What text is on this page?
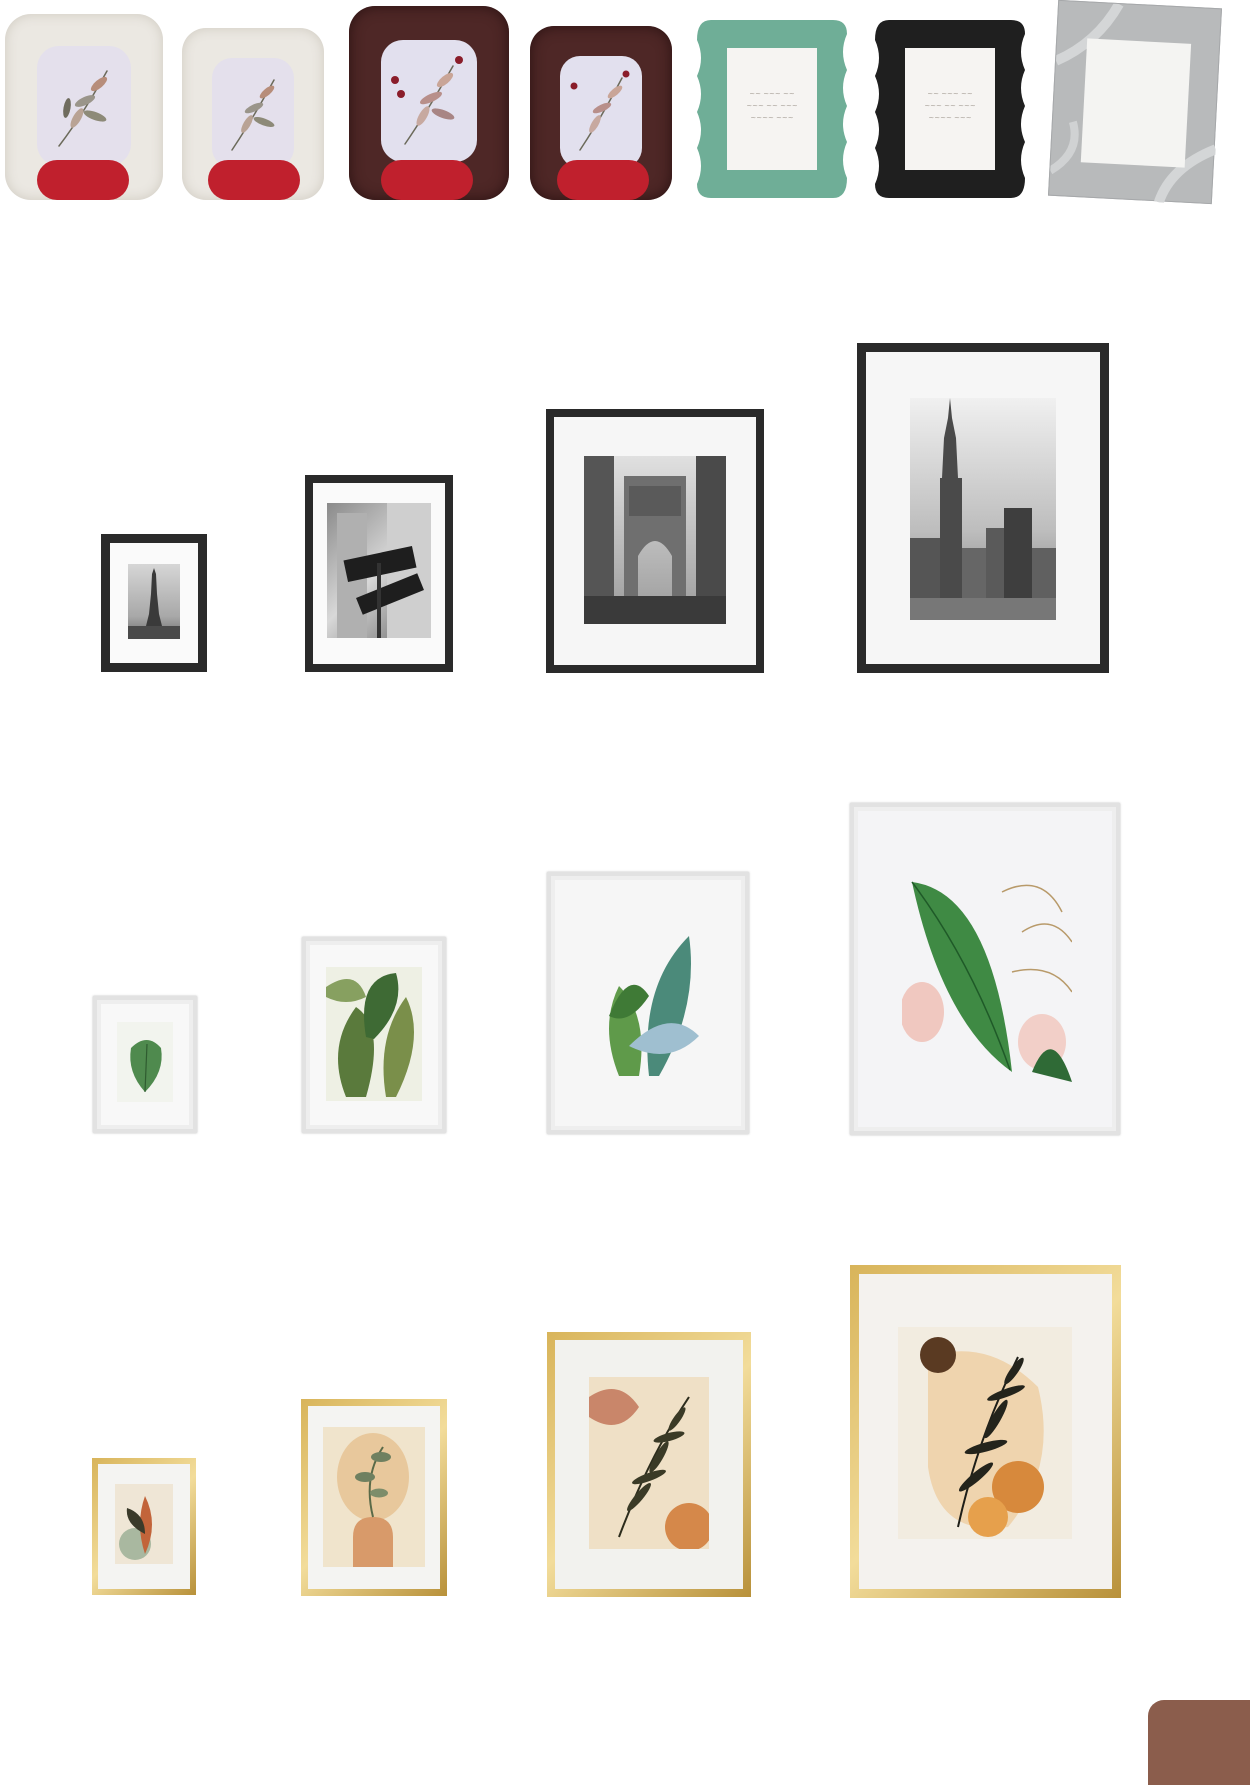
~~ ~~~ ~~
~~~ ~~ ~~~
~~~~ ~~~
~~ ~~~ ~~
~~~ ~~ ~~~
~~~~ ~~~
